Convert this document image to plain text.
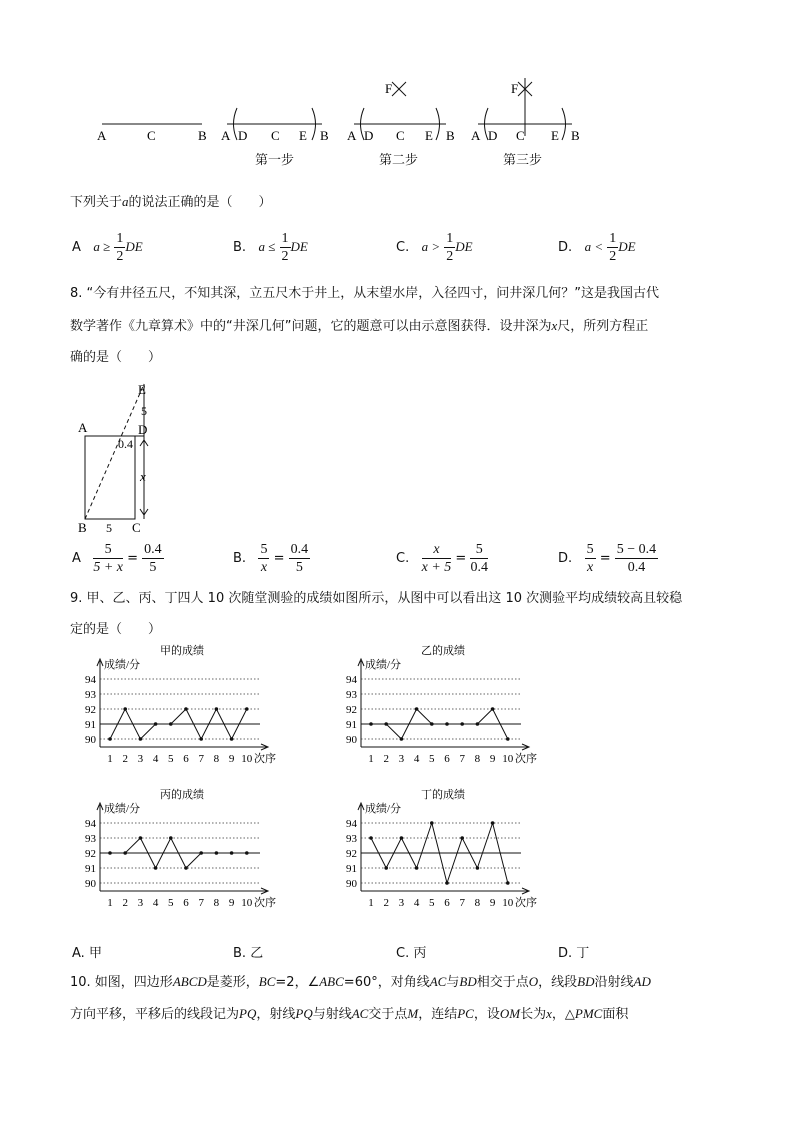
A	C	B A D C E B
F
A D C E B
F
A D C E B
第一步	第二步	第三步
下列关于a的说法正确的是（　　）
A $a \ge \frac{1}{2}$ DE	B. $a \le \frac{1}{2}$ DE	C. $a > \frac{1}{2}$ DE	D. $a < \frac{1}{2}$ DE
8. “今有井径五尺，不知其深，立五尺木于井上，从末望水岸，入径四寸，问井深几何？”这是我国古代
数学著作《九章算术》中的“井深几何”问题，它的题意可以由示意图获得．设井深为x尺，所列方程正
确的是（　　）
E
5
A	D
0.4
x
B 5 C
A $\frac{5}{5 + x} = \frac{0.4}{5}$	B. $\frac{5}{x} = \frac{0.4}{5}$	C. $\frac{x}{x + 5} = \frac{5}{0.4}$	D. $\frac{5}{x} = \frac{5 - 0.4}{0.4}$
9. 甲、乙、丙、丁四人 10 次随堂测验的成绩如图所示，从图中可以看出这 10 次测验平均成绩较高且较稳
定的是（　　）
甲的成绩
成绩/分
90
91
92
93
94
1 2 3 4 5 6 7 8 9 10 次序
乙的成绩
成绩/分
90
91
92
93
94
1 2 3 4 5 6 7 8 9 10 次序
丙的成绩
成绩/分
90
91
92
93
94
1 2 3 4 5 6 7 8 9 10 次序
丁的成绩
成绩/分
90
91
92
93
94
1 2 3 4 5 6 7 8 9 10 次序
A. 甲	B. 乙	C. 丙	D. 丁
10. 如图，四边形ABCD是菱形，BC=2，∠ABC=60°，对角线AC与BD相交于点O，线段BD沿射线AD
方向平移，平移后的线段记为PQ，射线PQ与射线AC交于点M，连结PC，设OM长为x，△PMC面积
